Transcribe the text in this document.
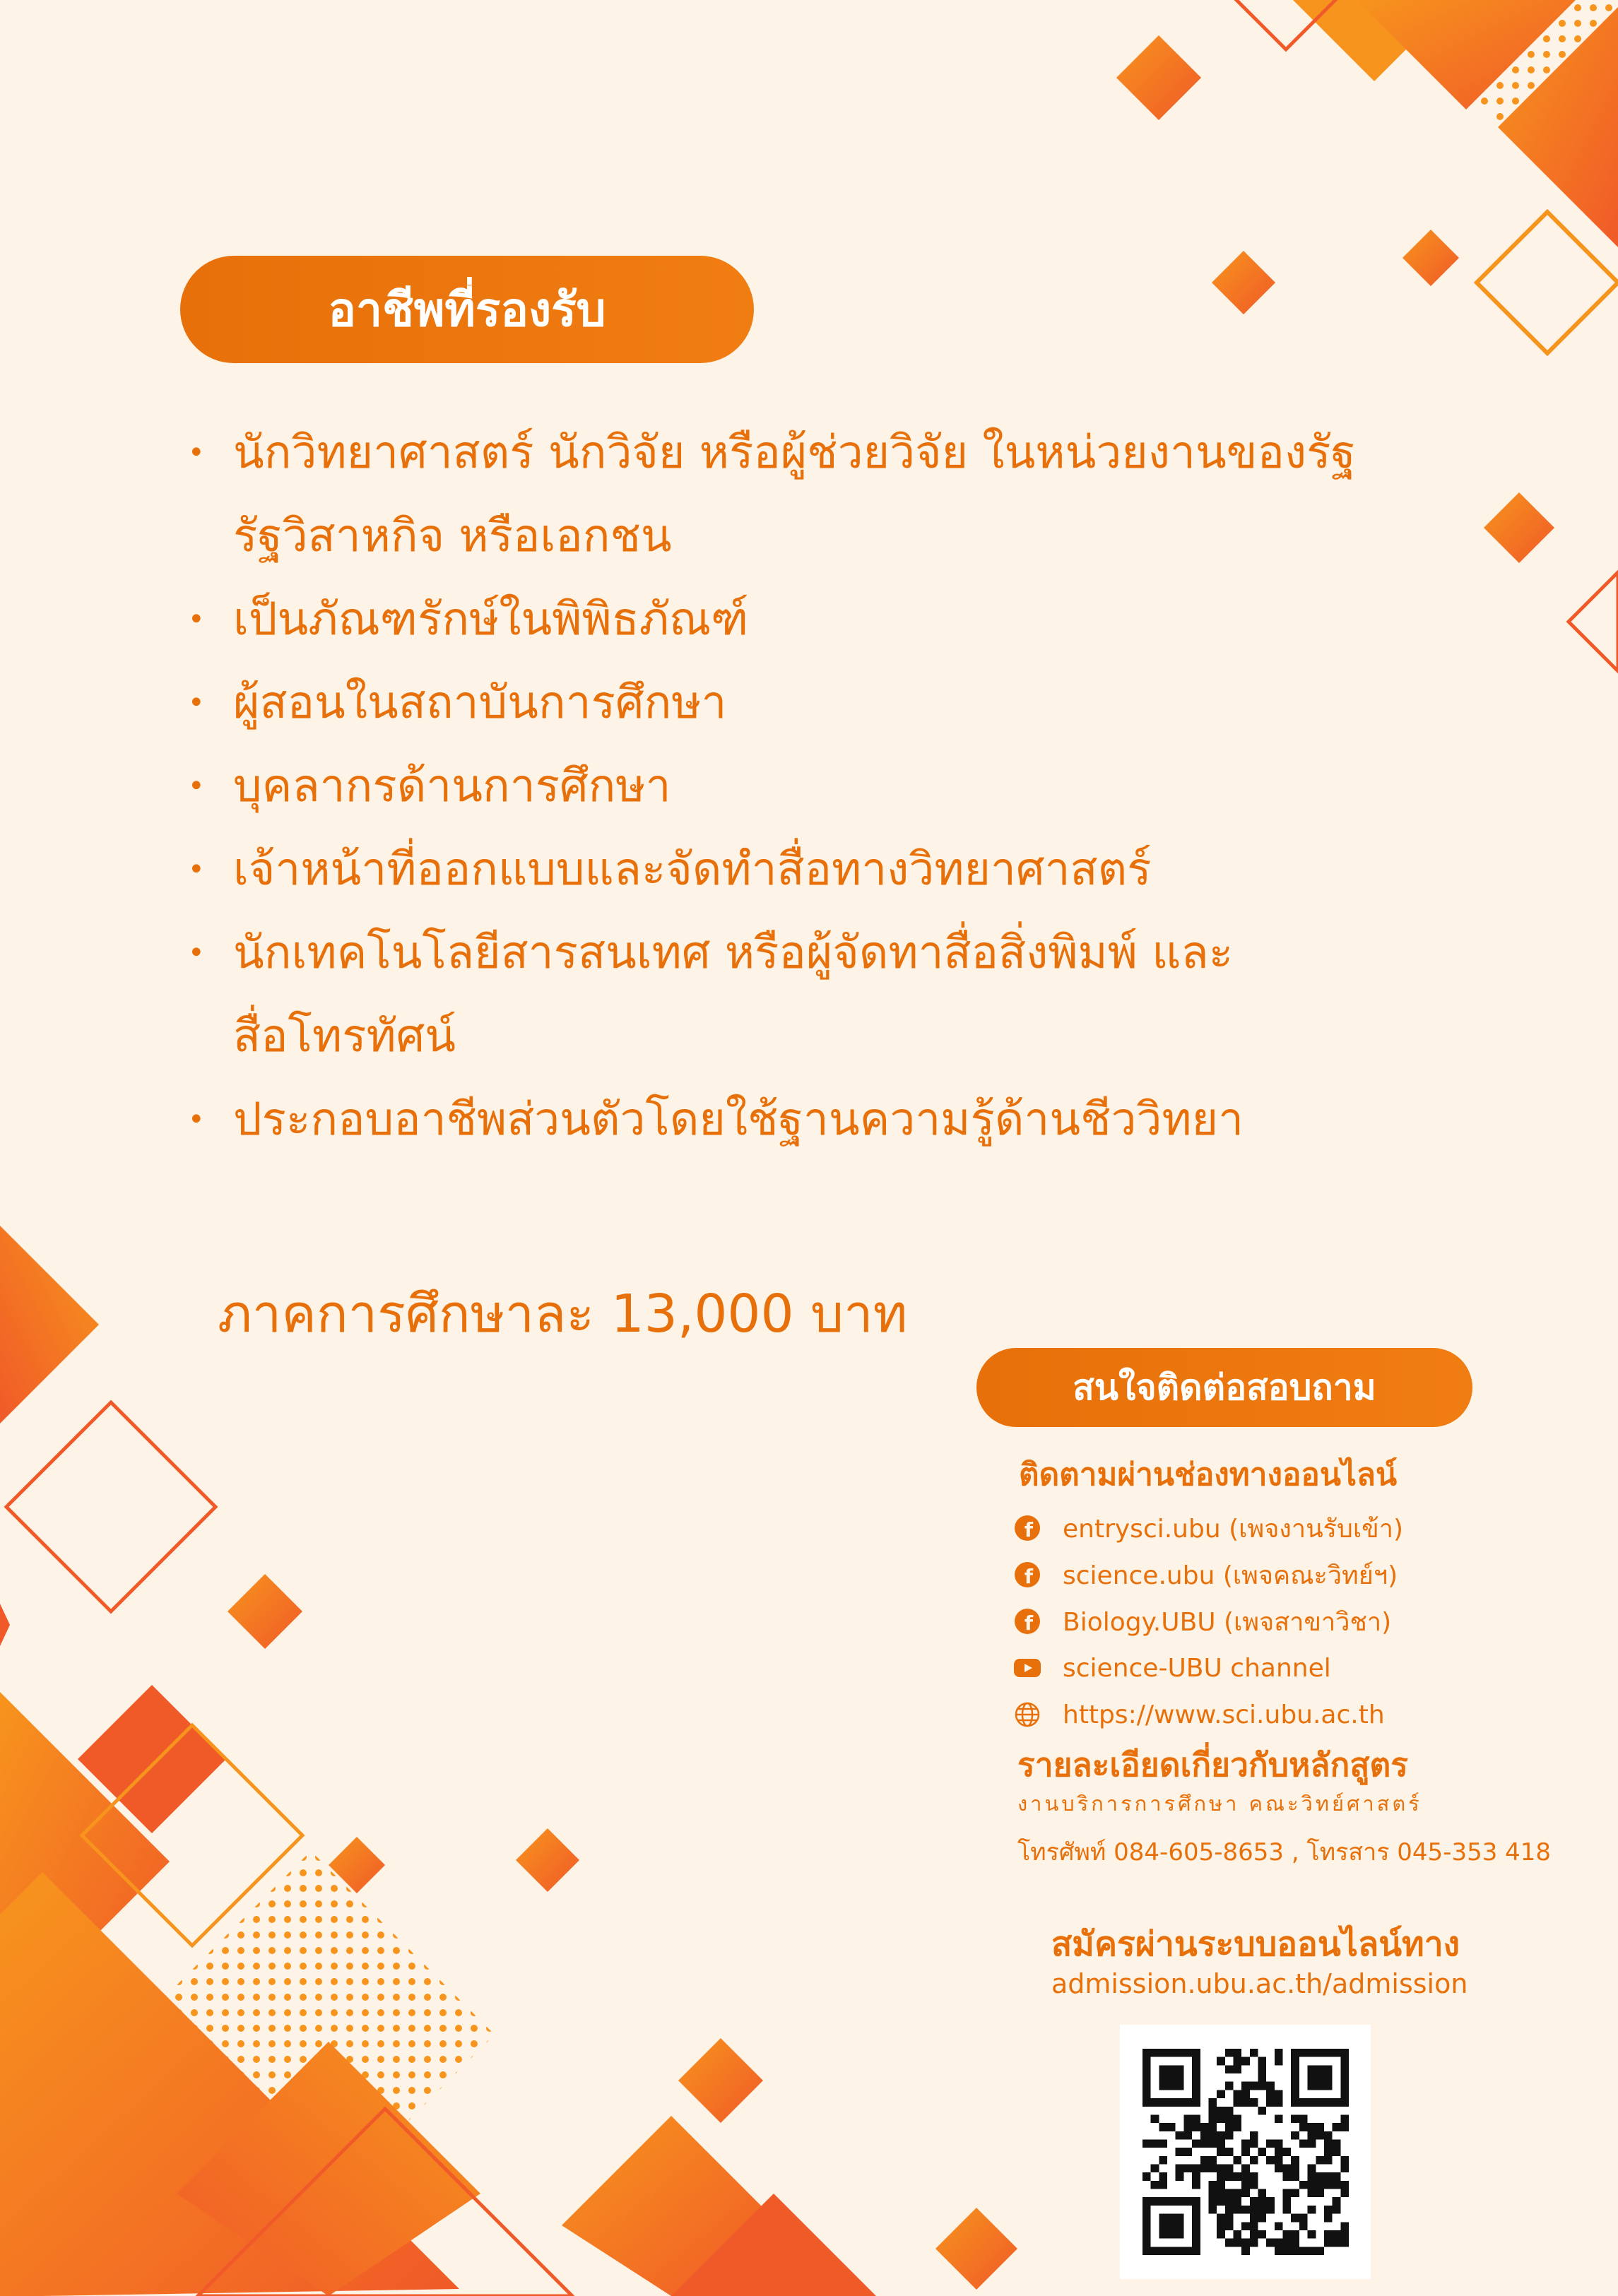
อาชีพที่รองรับ
• นักวิทยาศาสตร์ นักวิจัย หรือผู้ช่วยวิจัย ในหน่วยงานของรัฐ
รัฐวิสาหกิจ หรือเอกชน
• เป็นภัณฑรักษ์ในพิพิธภัณฑ์
• ผู้สอนในสถาบันการศึกษา
• บุคลากรด้านการศึกษา
• เจ้าหน้าที่ออกแบบและจัดทำสื่อทางวิทยาศาสตร์
• นักเทคโนโลยีสารสนเทศ หรือผู้จัดทาสื่อสิ่งพิมพ์ และ
สื่อโทรทัศน์
• ประกอบอาชีพส่วนตัวโดยใช้ฐานความรู้ด้านชีววิทยา
ภาคการศึกษาละ 13,000 บาท
สนใจติดต่อสอบถาม
ติดตามผ่านช่องทางออนไลน์
f entrysci.ubu (เพจงานรับเข้า)
f science.ubu (เพจคณะวิทย์ฯ)
f Biology.UBU (เพจสาขาวิชา)
science-UBU channel
https://www.sci.ubu.ac.th
รายละเอียดเกี่ยวกับหลักสูตร
งานบริการการศึกษา คณะวิทย์ศาสตร์
โทรศัพท์ 084-605-8653 , โทรสาร 045-353 418
สมัครผ่านระบบออนไลน์ทาง
admission.ubu.ac.th/admission
